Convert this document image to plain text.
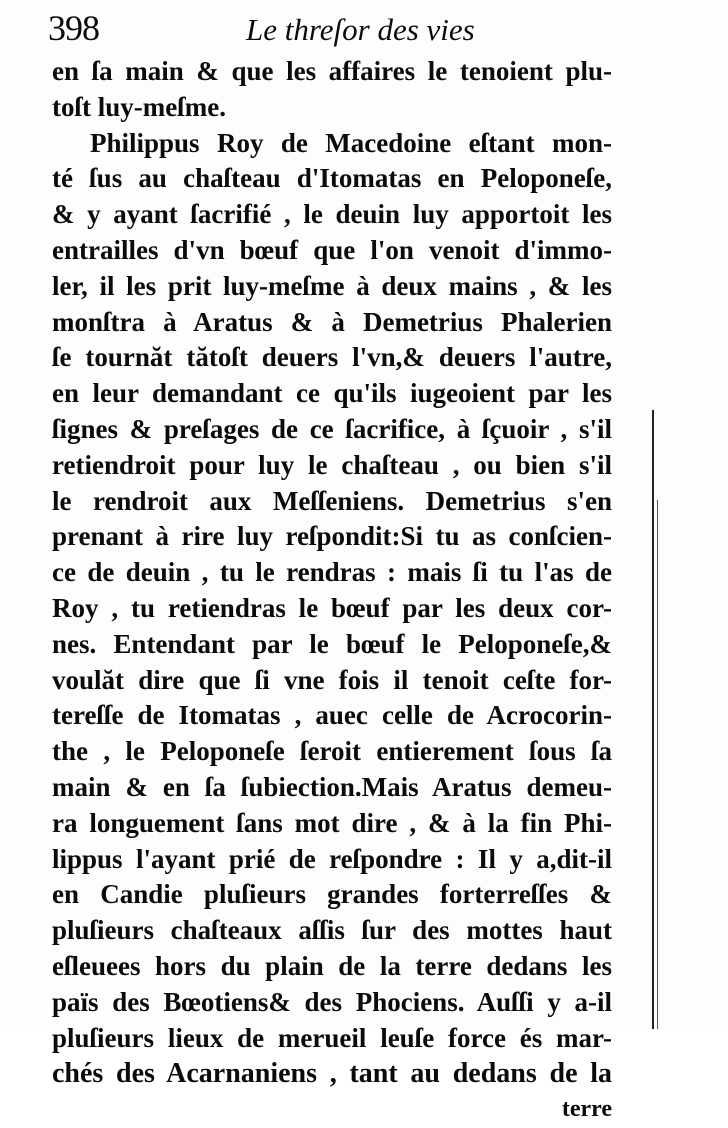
398	Le threſor des vies
en ſa main & que les affaires le tenoient plu-
toſt luy-meſme.
Philippus Roy de Macedoine eſtant mon-
té ſus au chaſteau d'Itomatas en Peloponeſe,
& y ayant ſacrifié , le deuin luy apportoit les
entrailles d'vn bœuf que l'on venoit d'immo-
ler, il les prit luy-meſme à deux mains , & les
monſtra à Aratus & à Demetrius Phalerien
ſe tournăt tătoſt deuers l'vn,& deuers l'autre,
en leur demandant ce qu'ils iugeoient par les
ſignes & preſages de ce ſacrifice, à ſçuoir , s'il
retiendroit pour luy le chaſteau , ou bien s'il
le rendroit aux Meſſeniens. Demetrius s'en
prenant à rire luy reſpondit:Si tu as conſcien-
ce de deuin , tu le rendras : mais ſi tu l'as de
Roy , tu retiendras le bœuf par les deux cor-
nes. Entendant par le bœuf le Peloponeſe,&
voulăt dire que ſi vne fois il tenoit ceſte for-
tereſſe de Itomatas , auec celle de Acrocorin-
the , le Peloponeſe ſeroit entierement ſous ſa
main & en ſa ſubiection.Mais Aratus demeu-
ra longuement ſans mot dire , & à la fin Phi-
lippus l'ayant prié de reſpondre : Il y a,dit-il
en Candie pluſieurs grandes forterreſſes &
pluſieurs chaſteaux aſſis ſur des mottes haut
eſleuees hors du plain de la terre dedans les
païs des Bœotiens& des Phociens. Auſſi y a-il
pluſieurs lieux de merueil leuſe force és mar-
chés des Acarnaniens , tant au dedans de la
terre
